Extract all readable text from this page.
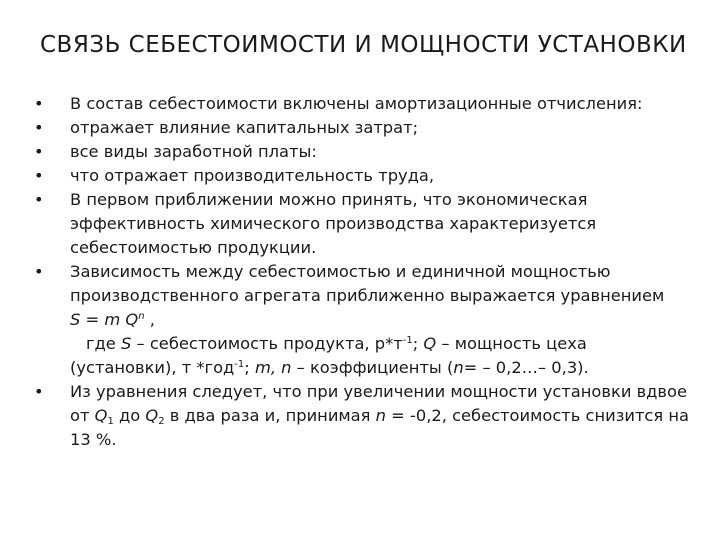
СВЯЗЬ СЕБЕСТОИМОСТИ И МОЩНОСТИ УСТАНОВКИ
•	В состав себестоимости включены амортизационные отчисления:
•	отражает влияние капитальных затрат;
•	все виды заработной платы:
•	что отражает производительность труда,
•	В первом приближении можно принять, что экономическая
эффективность химического производства характеризуется
себестоимостью продукции.
•	Зависимость между себестоимостью и единичной мощностью
производственного агрегата приближенно выражается уравнением
S = m $Q^n$ ,
где S – себестоимость продукта, $р*т^{-1}$; Q – мощность цеха
(установки), т *год$^{-1}$; m, n – коэффициенты (n= – 0,2…– 0,3).
•	Из уравнения следует, что при увеличении мощности установки вдвое
от $Q_1$ до $Q_2$ в два раза и, принимая n = -0,2, себестоимость снизится на
13 %.
